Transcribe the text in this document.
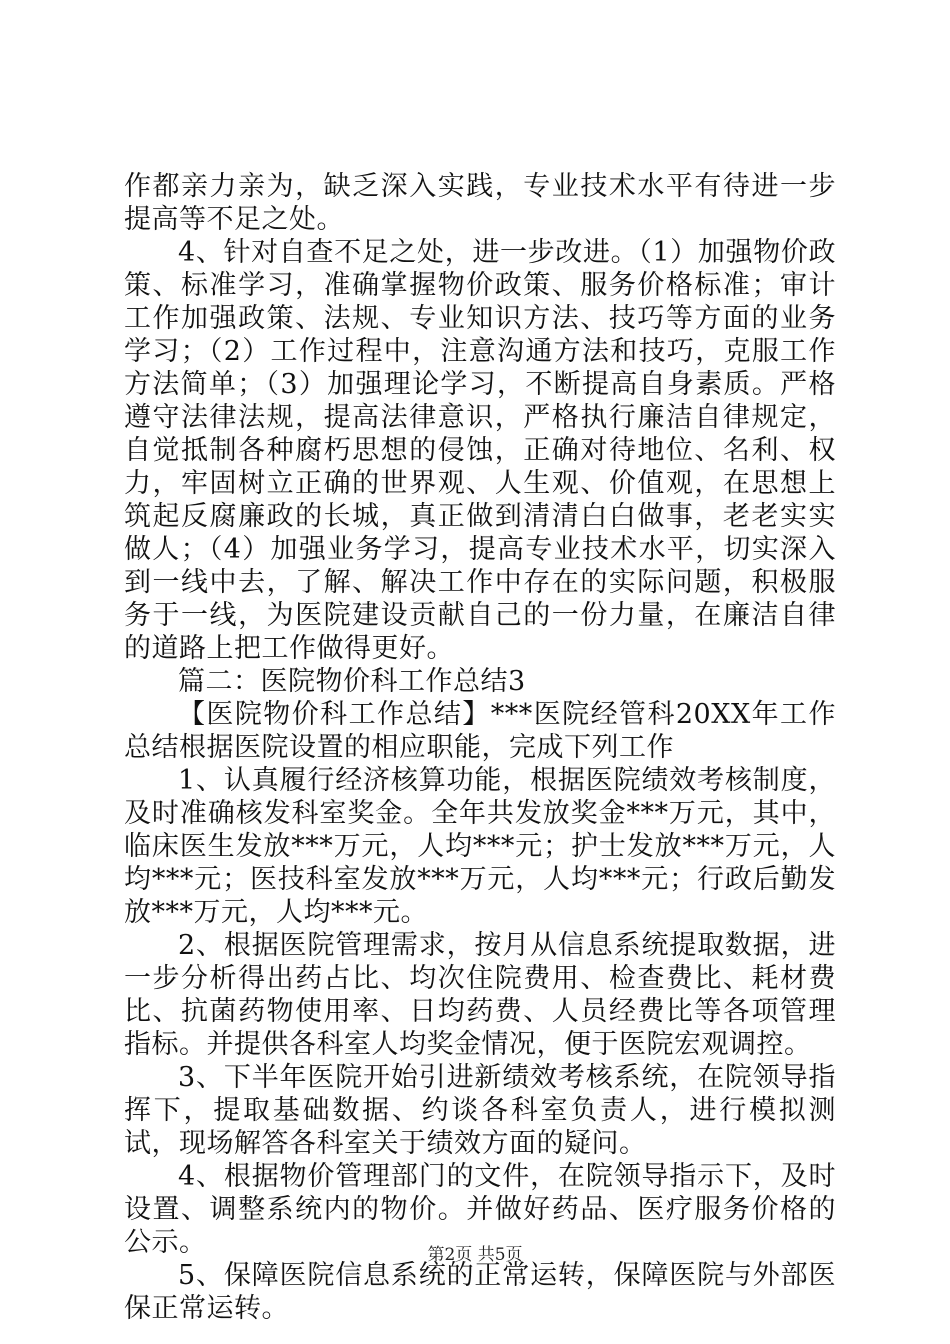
作都亲力亲为，缺乏深入实践，专业技术水平有待进一步提高等不足之处。

4、针对自查不足之处，进一步改进。（1）加强物价政策、标准学习，准确掌握物价政策、服务价格标准；审计工作加强政策、法规、专业知识方法、技巧等方面的业务学习；（2）工作过程中，注意沟通方法和技巧，克服工作方法简单；（3）加强理论学习，不断提高自身素质。严格遵守法律法规，提高法律意识，严格执行廉洁自律规定，自觉抵制各种腐朽思想的侵蚀，正确对待地位、名利、权力，牢固树立正确的世界观、人生观、价值观，在思想上筑起反腐廉政的长城，真正做到清清白白做事，老老实实做人；（4）加强业务学习，提高专业技术水平，切实深入到一线中去，了解、解决工作中存在的实际问题，积极服务于一线，为医院建设贡献自己的一份力量，在廉洁自律的道路上把工作做得更好。

篇二：医院物价科工作总结3

【医院物价科工作总结】***医院经管科20XX年工作总结根据医院设置的相应职能，完成下列工作

1、认真履行经济核算功能，根据医院绩效考核制度，及时准确核发科室奖金。全年共发放奖金***万元，其中，临床医生发放***万元，人均***元；护士发放***万元，人均***元；医技科室发放***万元，人均***元；行政后勤发放***万元，人均***元。

2、根据医院管理需求，按月从信息系统提取数据，进一步分析得出药占比、均次住院费用、检查费比、耗材费比、抗菌药物使用率、日均药费、人员经费比等各项管理指标。并提供各科室人均奖金情况，便于医院宏观调控。

3、下半年医院开始引进新绩效考核系统，在院领导指挥下，提取基础数据、约谈各科室负责人，进行模拟测试，现场解答各科室关于绩效方面的疑问。

4、根据物价管理部门的文件，在院领导指示下，及时设置、调整系统内的物价。并做好药品、医疗服务价格的公示。

5、保障医院信息系统的正常运转，保障医院与外部医保正常运转。

第2页 共5页
